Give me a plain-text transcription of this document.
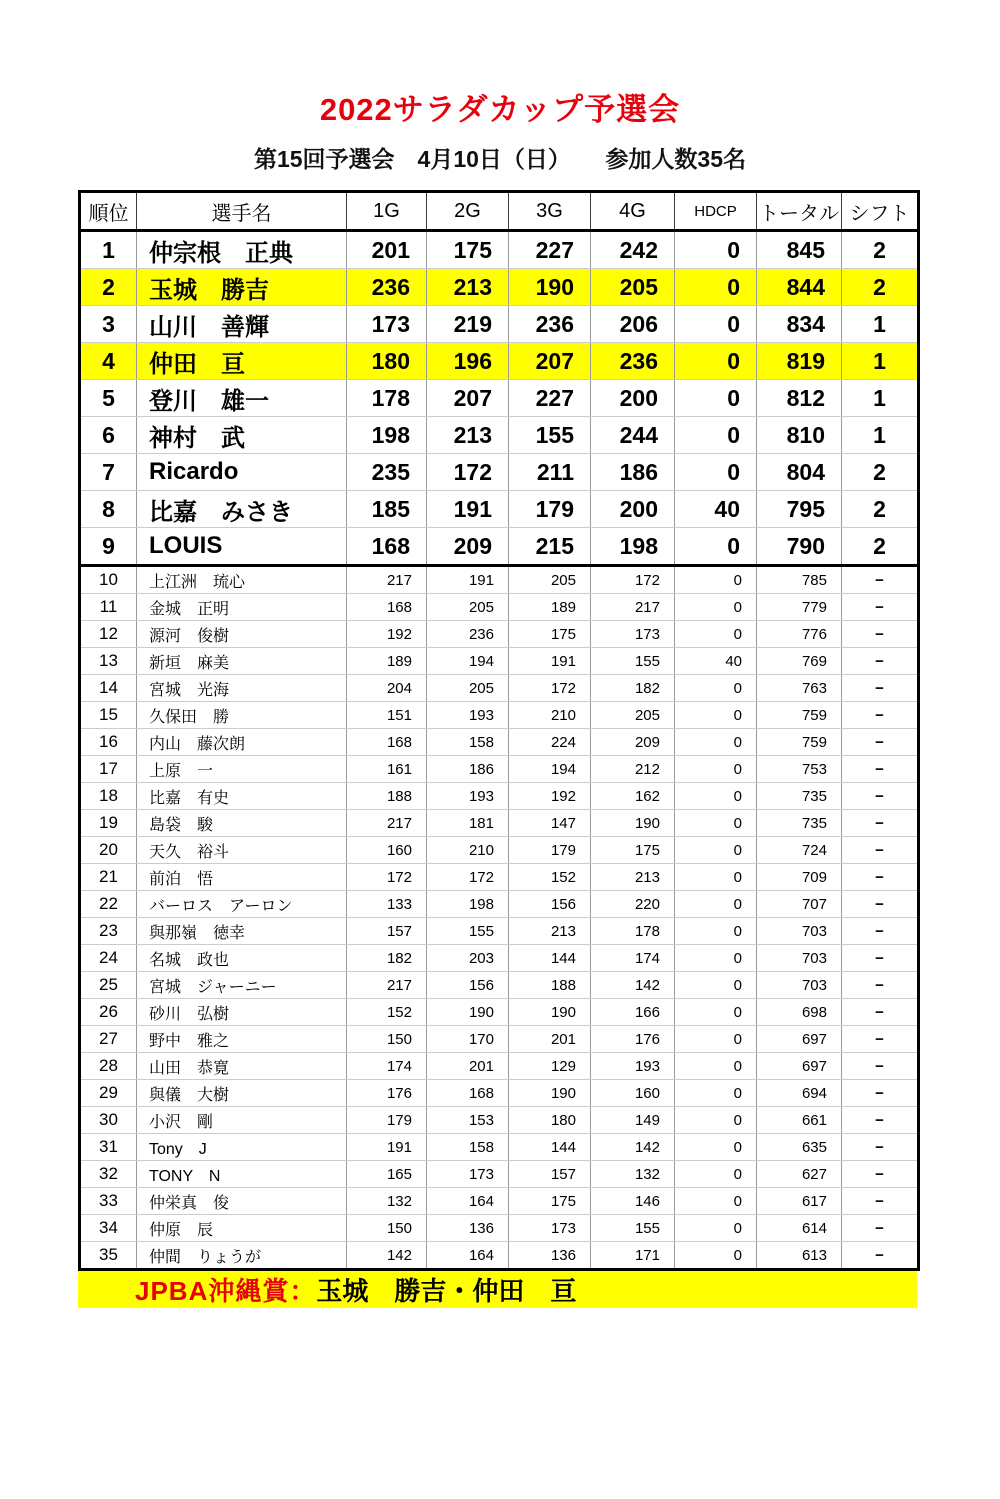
2022サラダカップ予選会
第15回予選会　4月10日（日）　　参加人数35名
順位	選手名	1G	2G	3G	4G	HDCP	トータル	シフト
1	仲宗根　正典	201	175	227	242	0	845	2
2	玉城　勝吉	236	213	190	205	0	844	2
3	山川　善輝	173	219	236	206	0	834	1
4	仲田　亘	180	196	207	236	0	819	1
5	登川　雄一	178	207	227	200	0	812	1
6	神村　武	198	213	155	244	0	810	1
7	Ricardo	235	172	211	186	0	804	2
8	比嘉　みさき	185	191	179	200	40	795	2
9	LOUIS	168	209	215	198	0	790	2
10	上江洲　琉心	217	191	205	172	0	785	−
11	金城　正明	168	205	189	217	0	779	−
12	源河　俊樹	192	236	175	173	0	776	−
13	新垣　麻美	189	194	191	155	40	769	−
14	宮城　光海	204	205	172	182	0	763	−
15	久保田　勝	151	193	210	205	0	759	−
16	内山　藤次朗	168	158	224	209	0	759	−
17	上原　一	161	186	194	212	0	753	−
18	比嘉　有史	188	193	192	162	0	735	−
19	島袋　駿	217	181	147	190	0	735	−
20	天久　裕斗	160	210	179	175	0	724	−
21	前泊　悟	172	172	152	213	0	709	−
22	バーロス　アーロン	133	198	156	220	0	707	−
23	與那嶺　徳幸	157	155	213	178	0	703	−
24	名城　政也	182	203	144	174	0	703	−
25	宮城　ジャーニー	217	156	188	142	0	703	−
26	砂川　弘樹	152	190	190	166	0	698	−
27	野中　雅之	150	170	201	176	0	697	−
28	山田　恭寛	174	201	129	193	0	697	−
29	與儀　大樹	176	168	190	160	0	694	−
30	小沢　剛	179	153	180	149	0	661	−
31	Tony　J	191	158	144	142	0	635	−
32	TONY　N	165	173	157	132	0	627	−
33	仲栄真　俊	132	164	175	146	0	617	−
34	仲原　辰	150	136	173	155	0	614	−
35	仲間　りょうが	142	164	136	171	0	613	−
JPBA沖縄賞： 玉城　勝吉・仲田　亘
